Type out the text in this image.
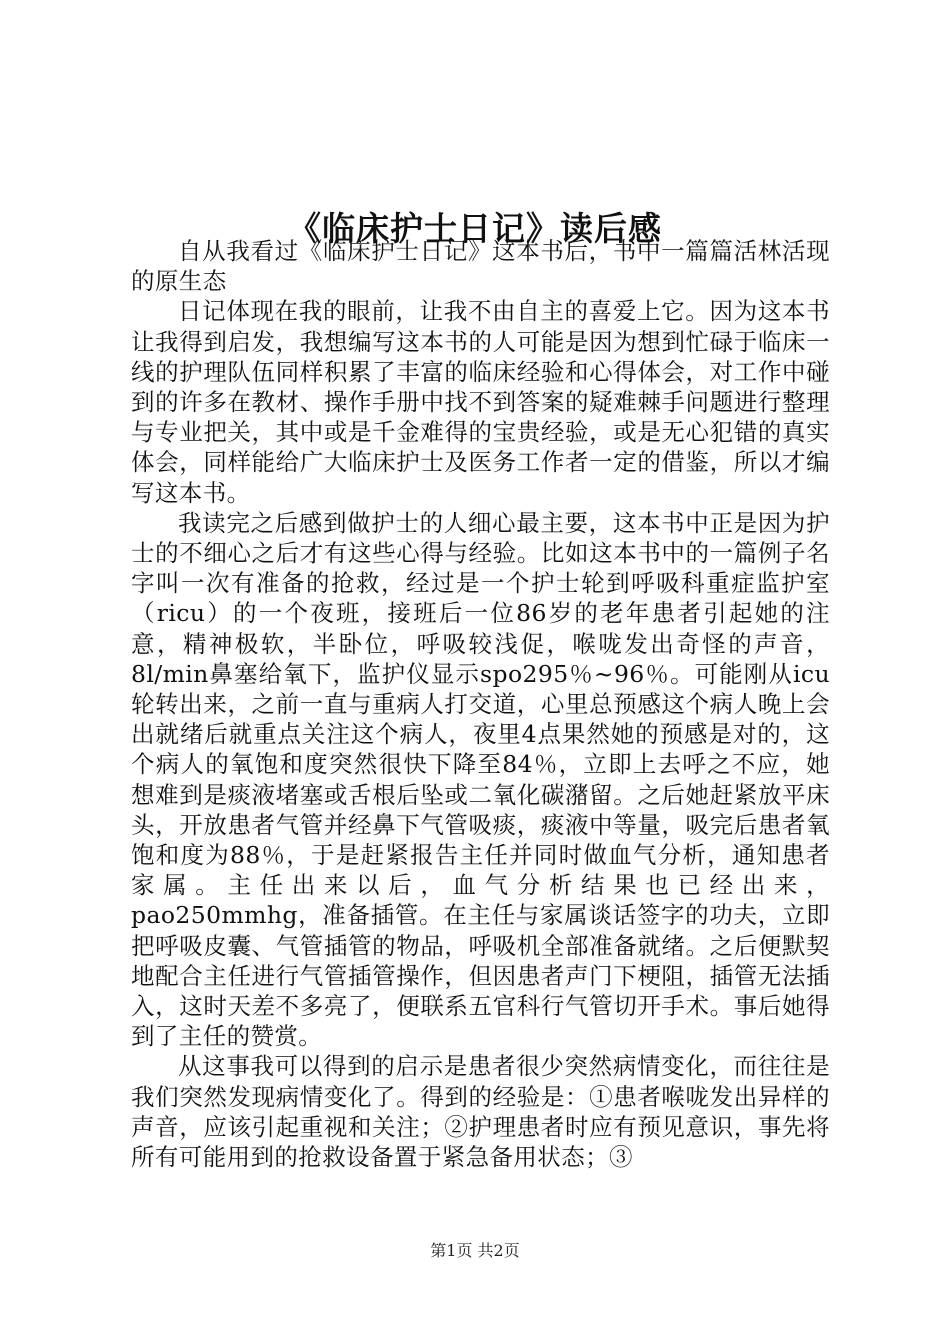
《临床护士日记》读后感

自从我看过《临床护士日记》这本书后，书中一篇篇活林活现的原生态

日记体现在我的眼前，让我不由自主的喜爱上它。因为这本书让我得到启发，我想编写这本书的人可能是因为想到忙碌于临床一线的护理队伍同样积累了丰富的临床经验和心得体会，对工作中碰到的许多在教材、操作手册中找不到答案的疑难棘手问题进行整理与专业把关，其中或是千金难得的宝贵经验，或是无心犯错的真实体会，同样能给广大临床护士及医务工作者一定的借鉴，所以才编写这本书。

我读完之后感到做护士的人细心最主要，这本书中正是因为护士的不细心之后才有这些心得与经验。比如这本书中的一篇例子名字叫一次有准备的抢救，经过是一个护士轮到呼吸科重症监护室（ricu）的一个夜班，接班后一位86岁的老年患者引起她的注意，精神极软，半卧位，呼吸较浅促，喉咙发出奇怪的声音，8l/min鼻塞给氧下，监护仪显示spo295％~96％。可能刚从icu轮转出来，之前一直与重病人打交道，心里总预感这个病人晚上会出就绪后就重点关注这个病人，夜里4点果然她的预感是对的，这个病人的氧饱和度突然很快下降至84％，立即上去呼之不应，她想难到是痰液堵塞或舌根后坠或二氧化碳潴留。之后她赶紧放平床头，开放患者气管并经鼻下气管吸痰，痰液中等量，吸完后患者氧饱和度为88％，于是赶紧报告主任并同时做血气分析，通知患者家属。主任出来以后，血气分析结果也已经出来，pao250mmhg，准备插管。在主任与家属谈话签字的功夫，立即把呼吸皮囊、气管插管的物品，呼吸机全部准备就绪。之后便默契地配合主任进行气管插管操作，但因患者声门下梗阻，插管无法插入，这时天差不多亮了，便联系五官科行气管切开手术。事后她得到了主任的赞赏。

从这事我可以得到的启示是患者很少突然病情变化，而往往是我们突然发现病情变化了。得到的经验是：①患者喉咙发出异样的声音，应该引起重视和关注；②护理患者时应有预见意识，事先将所有可能用到的抢救设备置于紧急备用状态；③

第1页 共2页
